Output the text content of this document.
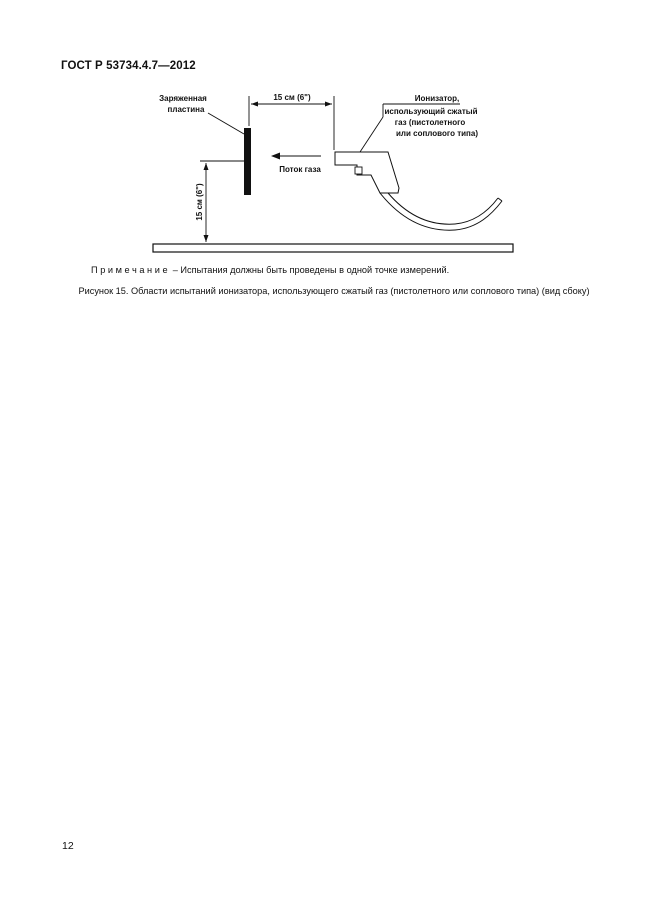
ГОСТ Р 53734.4.7—2012
Заряженная
пластина
15 см (6")
15 см (6")
Поток газа
Ионизатор,
использующий сжатый
газ (пистолетного
или соплового типа)
Примечание – Испытания должны быть проведены в одной точке измерений.
Рисунок 15. Области испытаний ионизатора, использующего сжатый газ (пистолетного или соплового типа) (вид сбоку)
12
